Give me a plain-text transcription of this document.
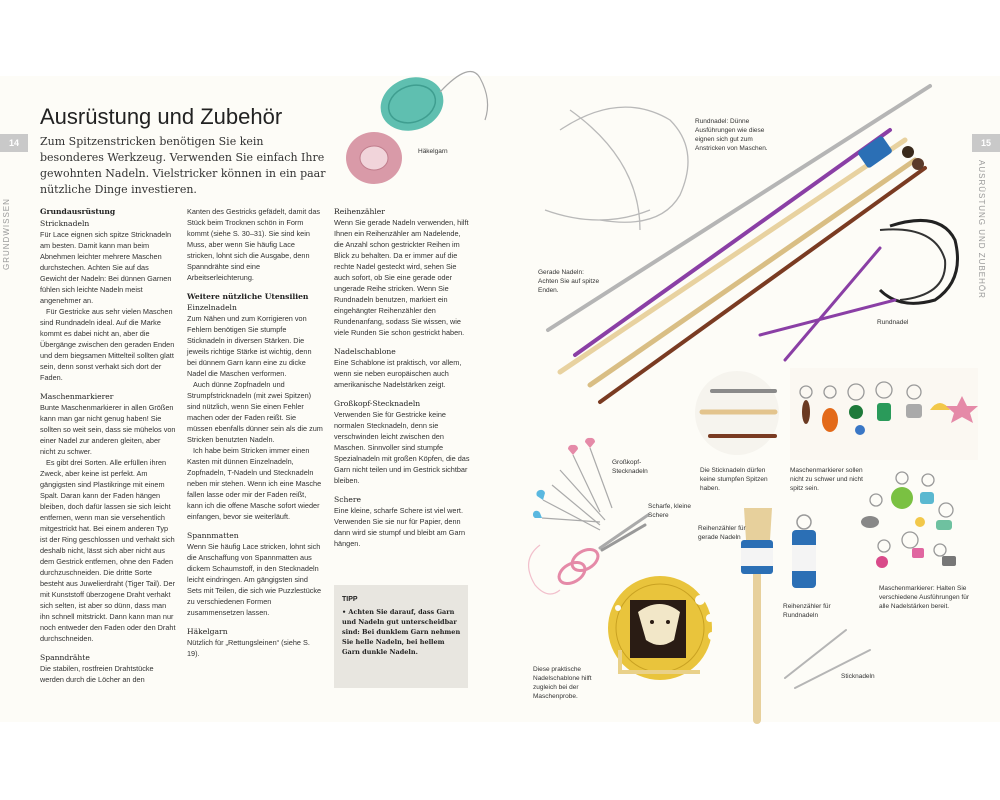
14	15
AUSRÜSTUNG UND ZUBEHÖR
Ausrüstung und Zubehör

Zum Spitzenstricken benötigen Sie kein besonderes Werkzeug. Verwenden Sie einfach Ihre gewohnten Nadeln. Vielstricker können in ein paar nützliche Dinge investieren.

Grundausrüstung

Stricknadeln

Für Lace eignen sich spitze Stricknadeln am besten. Damit kann man beim Abnehmen leichter mehrere Maschen durchstechen. Achten Sie auf das Gewicht der Nadeln: Bei dünnen Garnen fühlen sich leichte Nadeln meist angenehmer an.

Für Gestricke aus sehr vielen Maschen sind Rundnadeln ideal. Auf die Marke kommt es dabei nicht an, aber die Übergänge zwischen den geraden Enden und dem biegsamen Mittelteil sollten glatt sein, denn sonst verhakt sich dort der Faden.

Maschenmarkierer

Bunte Maschenmarkierer in allen Größen kann man gar nicht genug haben! Sie sollten so weit sein, dass sie mühelos von einer Nadel zur anderen gleiten, aber nicht zu schwer.

Es gibt drei Sorten. Alle erfüllen ihren Zweck, aber keine ist perfekt. Am gängigsten sind Plastikringe mit einem Spalt. Daran kann der Faden hängen bleiben, doch dafür lassen sie sich leicht entfernen, wenn man sie versehentlich mitgestrickt hat. Bei einem anderen Typ ist der Ring geschlossen und verhakt sich deshalb nicht, lässt sich aber nicht aus dem Gestrick entfernen, ohne den Faden durchzuschneiden. Die dritte Sorte besteht aus Juwelierdraht (Tiger Tail). Der mit Kunststoff überzogene Draht verhakt sich selten, ist aber so dünn, dass man ihn schnell mitstrickt. Dann kann man nur noch entweder den Faden oder den Draht durchschneiden.

Spanndrähte

Die stabilen, rostfreien Drahtstücke werden durch die Löcher an den

Kanten des Gestricks gefädelt, damit das Stück beim Trocknen schön in Form kommt (siehe S. 30–31). Sie sind kein Muss, aber wenn Sie häufig Lace stricken, lohnt sich die Ausgabe, denn Spanndrähte sind eine Arbeitserleichterung.

Weitere nützliche Utensilien

Einzelnadeln

Zum Nähen und zum Korrigieren von Fehlern benötigen Sie stumpfe Sticknadeln in diversen Stärken. Die jeweils richtige Stärke ist wichtig, denn bei dünnem Garn kann eine zu dicke Nadel die Maschen verformen.

Auch dünne Zopfnadeln und Strumpfstricknadeln (mit zwei Spitzen) sind nützlich, wenn Sie einen Fehler machen oder der Faden reißt. Sie müssen ebenfalls dünner sein als die zum Stricken benutzten Nadeln.

Ich habe beim Stricken immer einen Kasten mit dünnen Einzelnadeln, Zopfnadeln, T-Nadeln und Stecknadeln neben mir stehen. Wenn ich eine Masche fallen lasse oder mir der Faden reißt, kann ich die offene Masche sofort wieder einfangen, bevor sie weiterläuft.

Spannmatten

Wenn Sie häufig Lace stricken, lohnt sich die Anschaffung von Spannmatten aus dickem Schaumstoff, in den Stecknadeln leicht eindringen. Am gängigsten sind Sets mit Teilen, die sich wie Puzzlestücke zu verschiedenen Formen zusammensetzen lassen.

Häkelgarn

Nützlich für „Rettungsleinen“ (siehe S. 19).

Reihenzähler

Wenn Sie gerade Nadeln verwenden, hilft Ihnen ein Reihenzähler am Nadelende, die Anzahl schon gestrickter Reihen im Blick zu behalten. Da er immer auf die rechte Nadel gesteckt wird, sehen Sie auch sofort, ob Sie eine gerade oder ungerade Reihe stricken. Wenn Sie Rundnadeln benutzen, markiert ein eingehängter Reihenzähler den Rundenanfang, sodass Sie wissen, wie viele Runden Sie schon gestrickt haben.

Nadelschablone

Eine Schablone ist praktisch, vor allem, wenn sie neben europäischen auch amerikanische Nadelstärken zeigt.

Großkopf-Stecknadeln

Verwenden Sie für Gestricke keine normalen Stecknadeln, denn sie verschwinden leicht zwischen den Maschen. Sinnvoller sind stumpfe Spezialnadeln mit großen Köpfen, die das Garn nicht teilen und im Gestrick sichtbar bleiben.

Schere

Eine kleine, scharfe Schere ist viel wert. Verwenden Sie sie nur für Papier, denn dann wird sie stumpf und bleibt am Garn hängen.

TIPP
• Achten Sie darauf, dass Garn und Nadeln gut unterscheidbar sind: Bei dunklem Garn nehmen Sie helle Nadeln, bei hellem Garn dunkle Nadeln.
Häkelgarn
Rundnadel: Dünne Ausführungen wie diese eignen sich gut zum Anstricken von Maschen.
Gerade Nadeln: Achten Sie auf spitze Enden.
Rundnadel
Großkopf-Stecknadeln
Scharfe, kleine Schere
Die Sticknadeln dürfen keine stumpfen Spitzen haben.
Maschenmarkierer sollen nicht zu schwer und nicht spitz sein.
Reihenzähler für gerade Nadeln
Reihenzähler für Rundnadeln
Maschenmarkierer: Halten Sie verschiedene Ausführungen für alle Nadelstärken bereit.
Diese praktische Nadelschablone hilft zugleich bei der Maschenprobe.
Sticknadeln
